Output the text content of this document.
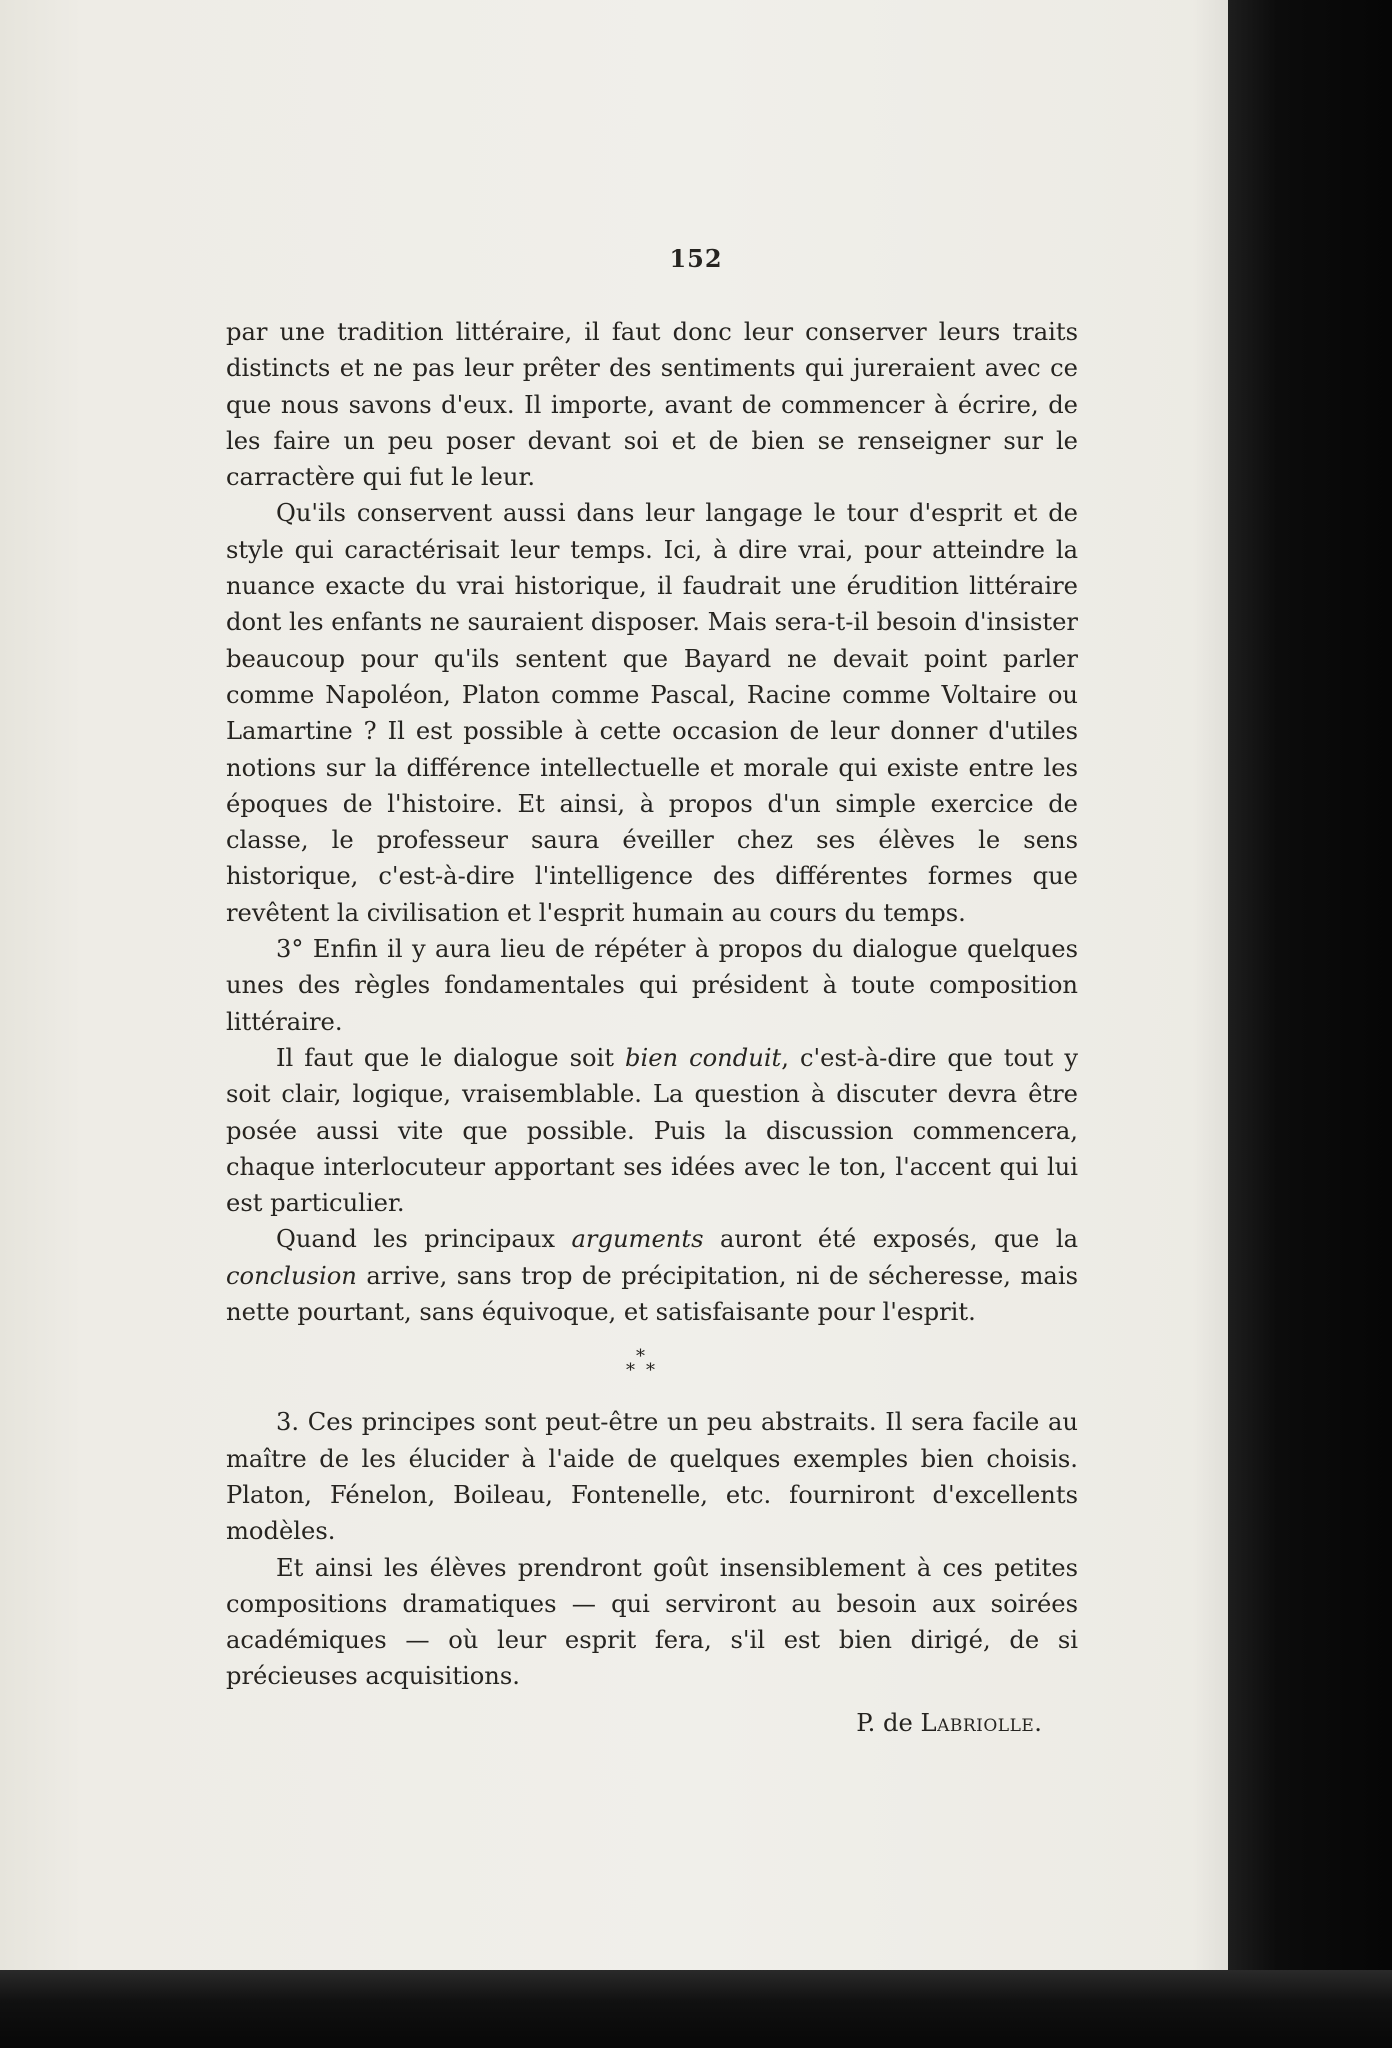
152

par une tradition littéraire, il faut donc leur conserver leurs traits distincts et ne pas leur prêter des sentiments qui jureraient avec ce que nous savons d'eux. Il importe, avant de commencer à écrire, de les faire un peu poser devant soi et de bien se renseigner sur le carractère qui fut le leur.

Qu'ils conservent aussi dans leur langage le tour d'esprit et de style qui caractérisait leur temps. Ici, à dire vrai, pour atteindre la nuance exacte du vrai historique, il faudrait une érudition littéraire dont les enfants ne sauraient disposer. Mais sera-t-il besoin d'insister beaucoup pour qu'ils sentent que Bayard ne devait point parler comme Napoléon, Platon comme Pascal, Racine comme Voltaire ou Lamartine ? Il est possible à cette occasion de leur donner d'utiles notions sur la différence intellectuelle et morale qui existe entre les époques de l'histoire. Et ainsi, à propos d'un simple exercice de classe, le professeur saura éveiller chez ses élèves le sens historique, c'est-à-dire l'intelligence des différentes formes que revêtent la civilisation et l'esprit humain au cours du temps.

3° Enfin il y aura lieu de répéter à propos du dialogue quelques unes des règles fondamentales qui président à toute composition littéraire.

Il faut que le dialogue soit bien conduit, c'est-à-dire que tout y soit clair, logique, vraisemblable. La question à discuter devra être posée aussi vite que possible. Puis la discussion commencera, chaque interlocuteur apportant ses idées avec le ton, l'accent qui lui est particulier.

Quand les principaux arguments auront été exposés, que la conclusion arrive, sans trop de précipitation, ni de sécheresse, mais nette pourtant, sans équivoque, et satisfaisante pour l'esprit.

*
* *

3. Ces principes sont peut-être un peu abstraits. Il sera facile au maître de les élucider à l'aide de quelques exemples bien choisis. Platon, Fénelon, Boileau, Fontenelle, etc. fourniront d'excellents modèles.

Et ainsi les élèves prendront goût insensiblement à ces petites compositions dramatiques — qui serviront au besoin aux soirées académiques — où leur esprit fera, s'il est bien dirigé, de si précieuses acquisitions.

P. de Labriolle.
